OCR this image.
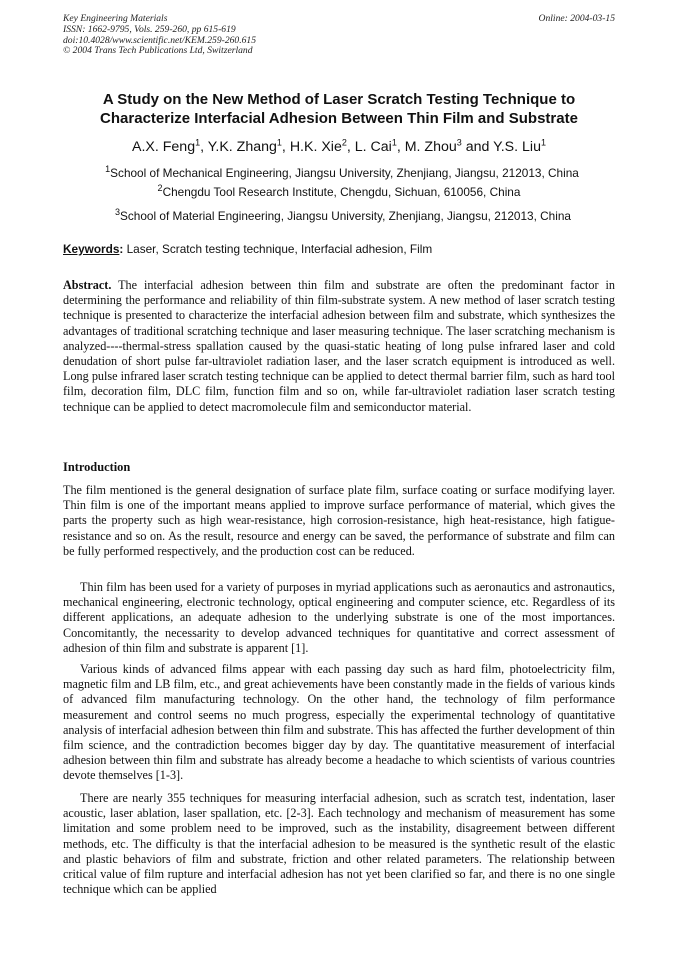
Key Engineering Materials
ISSN: 1662-9795, Vols. 259-260, pp 615-619
doi:10.4028/www.scientific.net/KEM.259-260.615
© 2004 Trans Tech Publications Ltd, Switzerland
Online: 2004-03-15
A Study on the New Method of Laser Scratch Testing Technique to
Characterize Interfacial Adhesion Between Thin Film and Substrate
A.X. Feng$^1$, Y.K. Zhang$^1$, H.K. Xie$^2$, L. Cai$^1$, M. Zhou$^3$ and Y.S. Liu$^1$
$^1$School of Mechanical Engineering, Jiangsu University, Zhenjiang, Jiangsu, 212013, China
$^2$Chengdu Tool Research Institute, Chengdu, Sichuan, 610056, China
$^3$School of Material Engineering, Jiangsu University, Zhenjiang, Jiangsu, 212013, China
Keywords: Laser, Scratch testing technique, Interfacial adhesion, Film

Abstract. The interfacial adhesion between thin film and substrate are often the predominant factor in determining the performance and reliability of thin film-substrate system. A new method of laser scratch testing technique is presented to characterize the interfacial adhesion between film and substrate, which synthesizes the advantages of traditional scratching technique and laser measuring technique. The laser scratching mechanism is analyzed----thermal-stress spallation caused by the quasi-static heating of long pulse infrared laser and cold denudation of short pulse far-ultraviolet radiation laser, and the laser scratch equipment is introduced as well. Long pulse infrared laser scratch testing technique can be applied to detect thermal barrier film, such as hard tool film, decoration film, DLC film, function film and so on, while far-ultraviolet radiation laser scratch testing technique can be applied to detect macromolecule film and semiconductor material.

Introduction

The film mentioned is the general designation of surface plate film, surface coating or surface modifying layer. Thin film is one of the important means applied to improve surface performance of material, which gives the parts the property such as high wear-resistance, high corrosion-resistance, high heat-resistance, high fatigue-resistance and so on. As the result, resource and energy can be saved, the performance of substrate and film can be fully performed respectively, and the production cost can be reduced.

Thin film has been used for a variety of purposes in myriad applications such as aeronautics and astronautics, mechanical engineering, electronic technology, optical engineering and computer science, etc. Regardless of its different applications, an adequate adhesion to the underlying substrate is one of the most importances. Concomitantly, the necessarity to develop advanced techniques for quantitative and correct assessment of adhesion of thin film and substrate is apparent [1].

Various kinds of advanced films appear with each passing day such as hard film, photoelectricity film, magnetic film and LB film, etc., and great achievements have been constantly made in the fields of various kinds of advanced film manufacturing technology. On the other hand, the technology of film performance measurement and control seems no much progress, especially the experimental technology of quantitative analysis of interfacial adhesion between thin film and substrate. This has affected the further development of thin film science, and the contradiction becomes bigger day by day. The quantitative measurement of interfacial adhesion between thin film and substrate has already become a headache to which scientists of various countries devote themselves [1-3].

There are nearly 355 techniques for measuring interfacial adhesion, such as scratch test, indentation, laser acoustic, laser ablation, laser spallation, etc. [2-3]. Each technology and mechanism of measurement has some limitation and some problem need to be improved, such as the instability, disagreement between different methods, etc. The difficulty is that the interfacial adhesion to be measured is the synthetic result of the elastic and plastic behaviors of film and substrate, friction and other related parameters. The relationship between critical value of film rupture and interfacial adhesion has not yet been clarified so far, and there is no one single technique which can be applied
